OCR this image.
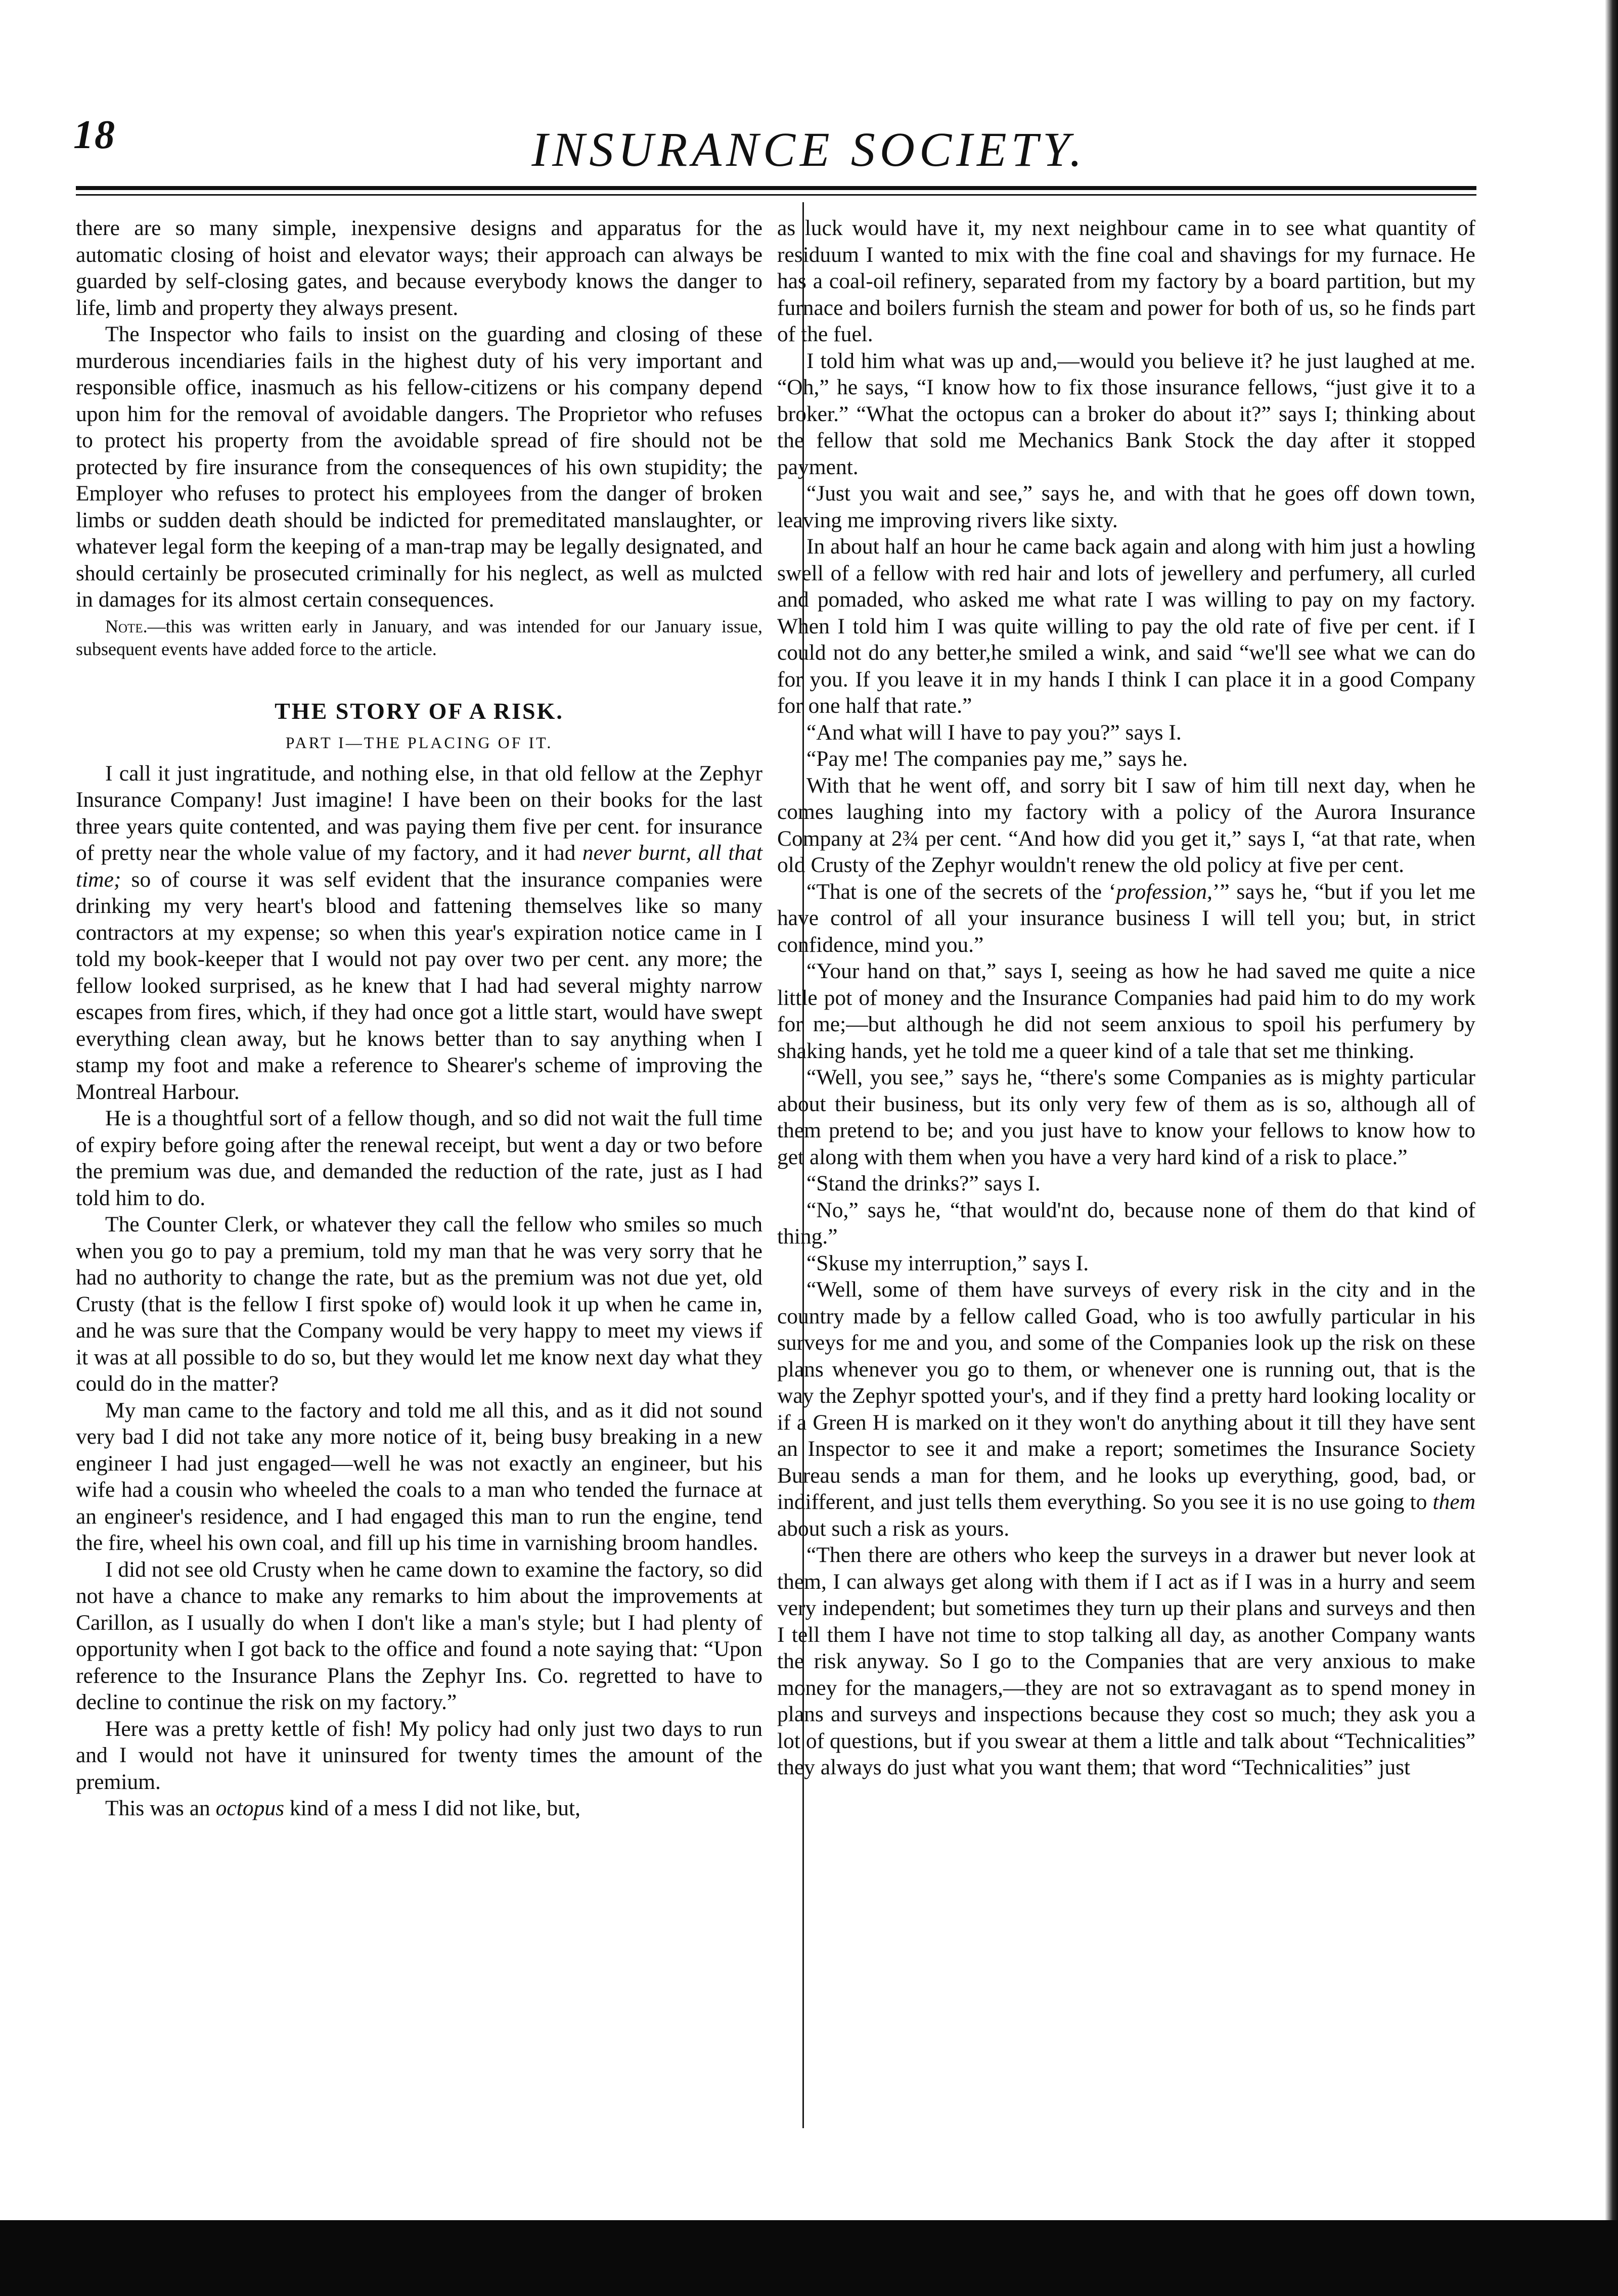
18	INSURANCE SOCIETY.

there are so many simple, inexpensive designs and apparatus for the automatic closing of hoist and elevator ways; their approach can always be guarded by self-closing gates, and because everybody knows the danger to life, limb and property they always present.

The Inspector who fails to insist on the guarding and closing of these murderous incendiaries fails in the highest duty of his very important and responsible office, inasmuch as his fellow-citizens or his company depend upon him for the removal of avoidable dangers. The Proprietor who refuses to protect his property from the avoidable spread of fire should not be protected by fire insurance from the consequences of his own stupidity; the Employer who refuses to protect his employees from the danger of broken limbs or sudden death should be indicted for premeditated manslaughter, or whatever legal form the keeping of a man-trap may be legally designated, and should certainly be prosecuted criminally for his neglect, as well as mulcted in damages for its almost certain consequences.

Note.—this was written early in January, and was intended for our January issue, subsequent events have added force to the article.

THE STORY OF A RISK.
PART I—THE PLACING OF IT.

I call it just ingratitude, and nothing else, in that old fellow at the Zephyr Insurance Company! Just imagine! I have been on their books for the last three years quite contented, and was paying them five per cent. for insurance of pretty near the whole value of my factory, and it had never burnt, all that time; so of course it was self evident that the insurance companies were drinking my very heart's blood and fattening themselves like so many contractors at my expense; so when this year's expiration notice came in I told my book-keeper that I would not pay over two per cent. any more; the fellow looked surprised, as he knew that I had had several mighty narrow escapes from fires, which, if they had once got a little start, would have swept everything clean away, but he knows better than to say anything when I stamp my foot and make a reference to Shearer's scheme of improving the Montreal Harbour.

He is a thoughtful sort of a fellow though, and so did not wait the full time of expiry before going after the renewal receipt, but went a day or two before the premium was due, and demanded the reduction of the rate, just as I had told him to do.

The Counter Clerk, or whatever they call the fellow who smiles so much when you go to pay a premium, told my man that he was very sorry that he had no authority to change the rate, but as the premium was not due yet, old Crusty (that is the fellow I first spoke of) would look it up when he came in, and he was sure that the Company would be very happy to meet my views if it was at all possible to do so, but they would let me know next day what they could do in the matter?

My man came to the factory and told me all this, and as it did not sound very bad I did not take any more notice of it, being busy breaking in a new engineer I had just engaged—well he was not exactly an engineer, but his wife had a cousin who wheeled the coals to a man who tended the furnace at an engineer's residence, and I had engaged this man to run the engine, tend the fire, wheel his own coal, and fill up his time in varnishing broom handles.

I did not see old Crusty when he came down to examine the factory, so did not have a chance to make any remarks to him about the improvements at Carillon, as I usually do when I don't like a man's style; but I had plenty of opportunity when I got back to the office and found a note saying that: “Upon reference to the Insurance Plans the Zephyr Ins. Co. regretted to have to decline to continue the risk on my factory.”

Here was a pretty kettle of fish! My policy had only just two days to run and I would not have it uninsured for twenty times the amount of the premium.

This was an octopus kind of a mess I did not like, but,

as luck would have it, my next neighbour came in to see what quantity of residuum I wanted to mix with the fine coal and shavings for my furnace. He has a coal-oil refinery, separated from my factory by a board partition, but my furnace and boilers furnish the steam and power for both of us, so he finds part of the fuel.

I told him what was up and,—would you believe it? he just laughed at me. “Oh,” he says, “I know how to fix those insurance fellows, “just give it to a broker.” “What the octopus can a broker do about it?” says I; thinking about the fellow that sold me Mechanics Bank Stock the day after it stopped payment.

“Just you wait and see,” says he, and with that he goes off down town, leaving me improving rivers like sixty.

In about half an hour he came back again and along with him just a howling swell of a fellow with red hair and lots of jewellery and perfumery, all curled and pomaded, who asked me what rate I was willing to pay on my factory. When I told him I was quite willing to pay the old rate of five per cent. if I could not do any better,he smiled a wink, and said “we'll see what we can do for you. If you leave it in my hands I think I can place it in a good Company for one half that rate.”

“And what will I have to pay you?” says I.

“Pay me! The companies pay me,” says he.

With that he went off, and sorry bit I saw of him till next day, when he comes laughing into my factory with a policy of the Aurora Insurance Company at 2¾ per cent. “And how did you get it,” says I, “at that rate, when old Crusty of the Zephyr wouldn't renew the old policy at five per cent.

“That is one of the secrets of the ‘profession,’” says he, “but if you let me have control of all your insurance business I will tell you; but, in strict confidence, mind you.”

“Your hand on that,” says I, seeing as how he had saved me quite a nice little pot of money and the Insurance Companies had paid him to do my work for me;—but although he did not seem anxious to spoil his perfumery by shaking hands, yet he told me a queer kind of a tale that set me thinking.

“Well, you see,” says he, “there's some Companies as is mighty particular about their business, but its only very few of them as is so, although all of them pretend to be; and you just have to know your fellows to know how to get along with them when you have a very hard kind of a risk to place.”

“Stand the drinks?” says I.

“No,” says he, “that would'nt do, because none of them do that kind of thing.”

“Skuse my interruption,” says I.

“Well, some of them have surveys of every risk in the city and in the country made by a fellow called Goad, who is too awfully particular in his surveys for me and you, and some of the Companies look up the risk on these plans whenever you go to them, or whenever one is running out, that is the way the Zephyr spotted your's, and if they find a pretty hard looking locality or if a Green H is marked on it they won't do anything about it till they have sent an Inspector to see it and make a report; sometimes the Insurance Society Bureau sends a man for them, and he looks up everything, good, bad, or indifferent, and just tells them everything. So you see it is no use going to them about such a risk as yours.

“Then there are others who keep the surveys in a drawer but never look at them, I can always get along with them if I act as if I was in a hurry and seem very independent; but sometimes they turn up their plans and surveys and then I tell them I have not time to stop talking all day, as another Company wants the risk anyway. So I go to the Companies that are very anxious to make money for the managers,—they are not so extravagant as to spend money in plans and surveys and inspections because they cost so much; they ask you a lot of questions, but if you swear at them a little and talk about “Technicalities” they always do just what you want them; that word “Technicalities” just
